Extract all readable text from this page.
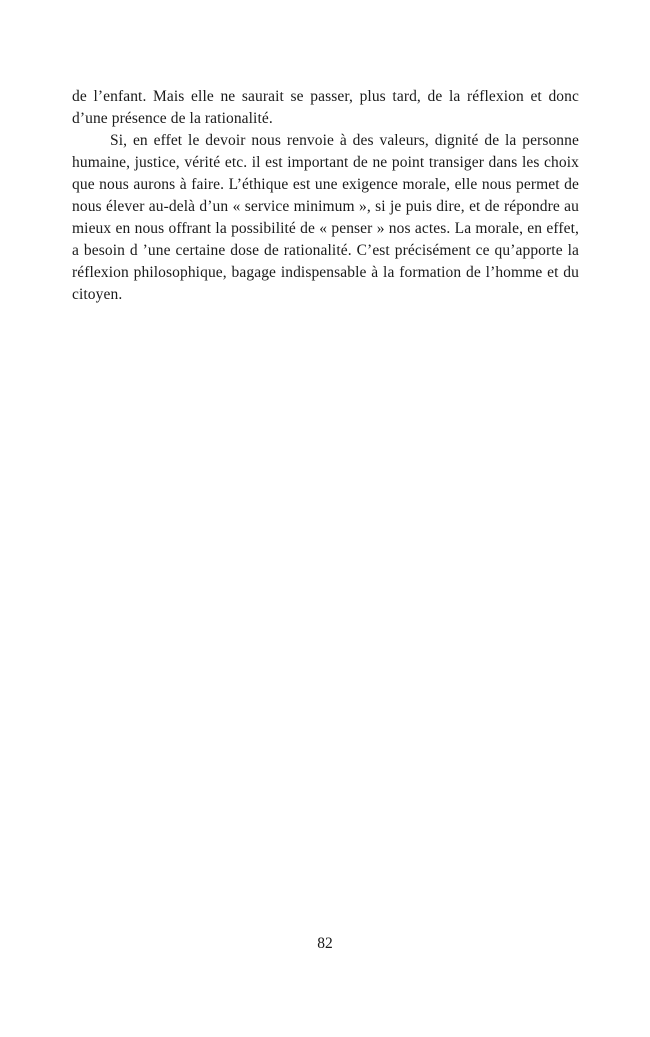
de l’enfant. Mais elle ne saurait se passer, plus tard, de la réflexion et donc d’une présence de la rationalité.

Si, en effet le devoir nous renvoie à des valeurs, dignité de la personne humaine, justice, vérité etc. il est important de ne point transiger dans les choix que nous aurons à faire. L’éthique est une exigence morale, elle nous permet de nous élever au-delà d’un « service minimum », si je puis dire, et de répondre au mieux en nous offrant la possibilité de « penser » nos actes. La morale, en effet, a besoin d ’une certaine dose de rationalité. C’est précisément ce qu’apporte la réflexion philosophique, bagage indispensable à la formation de l’homme et du citoyen.

82
